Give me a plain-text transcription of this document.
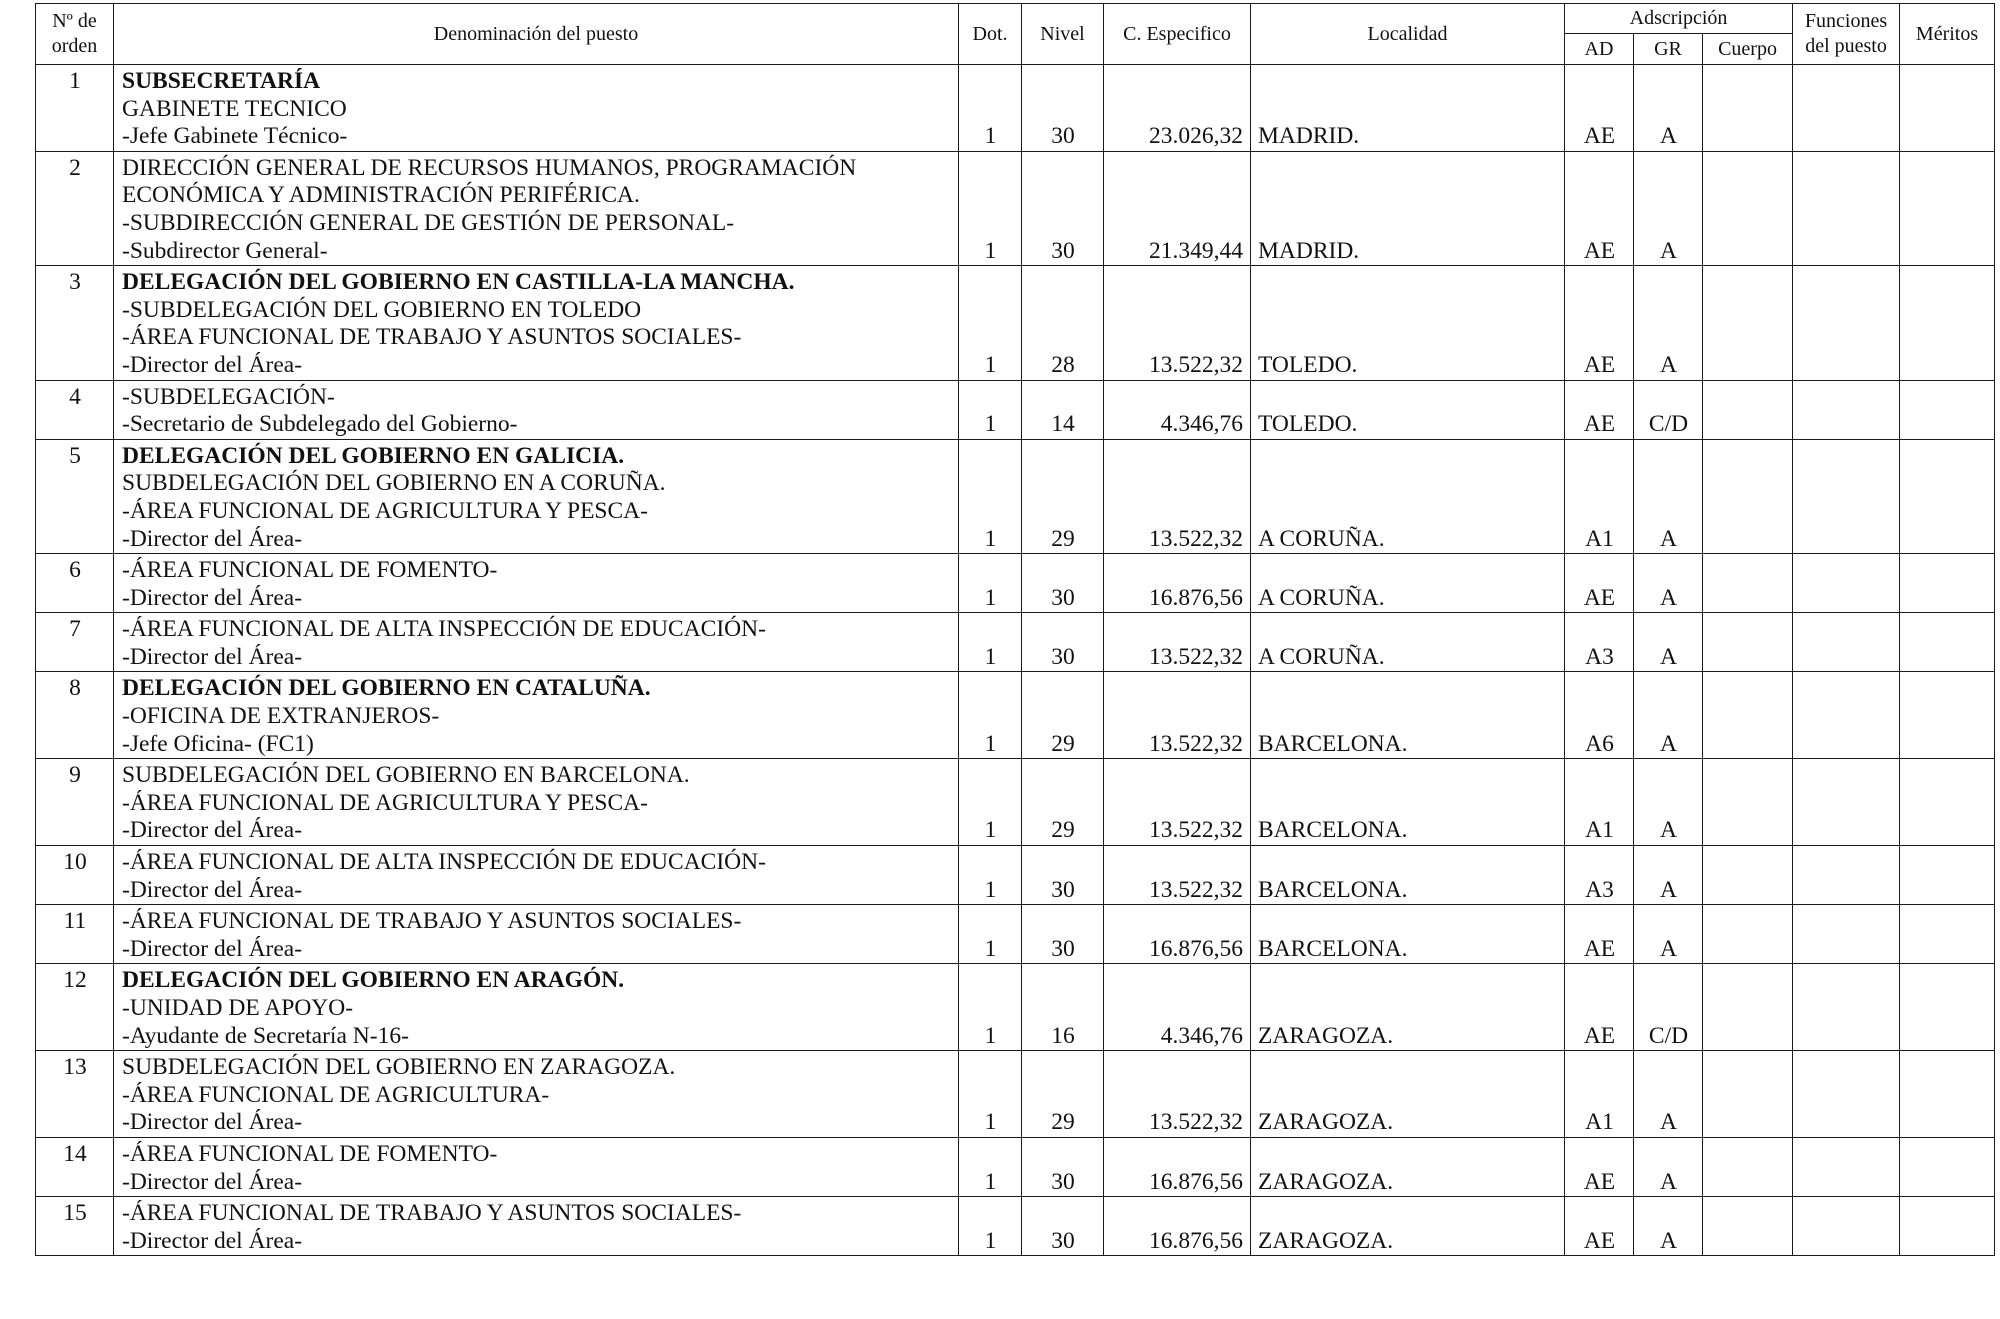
Nº de orden	Denominación del puesto	Dot.	Nivel	C. Especifico	Localidad	Adscripción			Funciones del puesto	Méritos
						AD	GR	Cuerpo		
1	SUBSECRETARÍA
GABINETE TECNICO
-Jefe Gabinete Técnico-	1	30	23.026,32	MADRID.	AE	A			
2	DIRECCIÓN GENERAL DE RECURSOS HUMANOS, PROGRAMACIÓN
ECONÓMICA Y ADMINISTRACIÓN PERIFÉRICA.
-SUBDIRECCIÓN GENERAL DE GESTIÓN DE PERSONAL-
-Subdirector General-	1	30	21.349,44	MADRID.	AE	A			
3	DELEGACIÓN DEL GOBIERNO EN CASTILLA-LA MANCHA.
-SUBDELEGACIÓN DEL GOBIERNO EN TOLEDO
-ÁREA FUNCIONAL DE TRABAJO Y ASUNTOS SOCIALES-
-Director del Área-	1	28	13.522,32	TOLEDO.	AE	A			
4	-SUBDELEGACIÓN-
-Secretario de Subdelegado del Gobierno-	1	14	4.346,76	TOLEDO.	AE	C/D			
5	DELEGACIÓN DEL GOBIERNO EN GALICIA.
SUBDELEGACIÓN DEL GOBIERNO EN A CORUÑA.
-ÁREA FUNCIONAL DE AGRICULTURA Y PESCA-
-Director del Área-	1	29	13.522,32	A CORUÑA.	A1	A			
6	-ÁREA FUNCIONAL DE FOMENTO-
-Director del Área-	1	30	16.876,56	A CORUÑA.	AE	A			
7	-ÁREA FUNCIONAL DE ALTA INSPECCIÓN DE EDUCACIÓN-
-Director del Área-	1	30	13.522,32	A CORUÑA.	A3	A			
8	DELEGACIÓN DEL GOBIERNO EN CATALUÑA.
-OFICINA DE EXTRANJEROS-
-Jefe Oficina- (FC1)	1	29	13.522,32	BARCELONA.	A6	A			
9	SUBDELEGACIÓN DEL GOBIERNO EN BARCELONA.
-ÁREA FUNCIONAL DE AGRICULTURA Y PESCA-
-Director del Área-	1	29	13.522,32	BARCELONA.	A1	A			
10	-ÁREA FUNCIONAL DE ALTA INSPECCIÓN DE EDUCACIÓN-
-Director del Área-	1	30	13.522,32	BARCELONA.	A3	A			
11	-ÁREA FUNCIONAL DE TRABAJO Y ASUNTOS SOCIALES-
-Director del Área-	1	30	16.876,56	BARCELONA.	AE	A			
12	DELEGACIÓN DEL GOBIERNO EN ARAGÓN.
-UNIDAD DE APOYO-
-Ayudante de Secretaría N-16-	1	16	4.346,76	ZARAGOZA.	AE	C/D			
13	SUBDELEGACIÓN DEL GOBIERNO EN ZARAGOZA.
-ÁREA FUNCIONAL DE AGRICULTURA-
-Director del Área-	1	29	13.522,32	ZARAGOZA.	A1	A			
14	-ÁREA FUNCIONAL DE FOMENTO-
-Director del Área-	1	30	16.876,56	ZARAGOZA.	AE	A			
15	-ÁREA FUNCIONAL DE TRABAJO Y ASUNTOS SOCIALES-
-Director del Área-	1	30	16.876,56	ZARAGOZA.	AE	A			
